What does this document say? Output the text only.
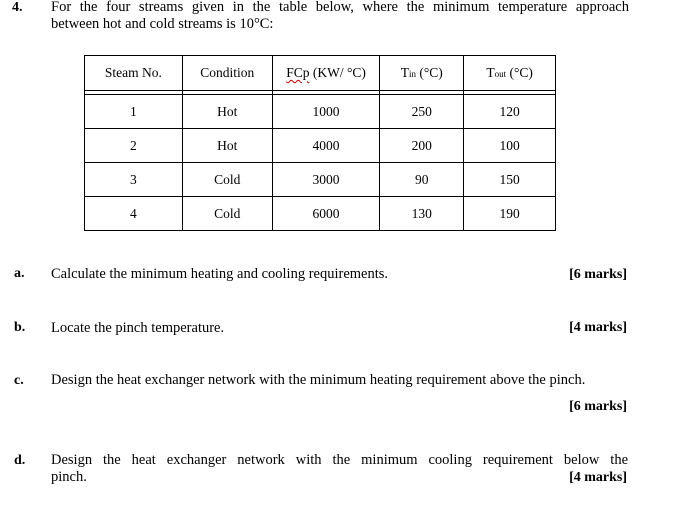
4. For the four streams given in the table below, where the minimum temperature approach
between hot and cold streams is 10°C:
Steam No.	Condition	FCp (KW/ °C)	Tin (°C)	Tout (°C)

1	Hot	1000	250	120
2	Hot	4000	200	100
3	Cold	3000	90	150
4	Cold	6000	130	190
a. Calculate the minimum heating and cooling requirements.	[6 marks]
b. Locate the pinch temperature.	[4 marks]
c. Design the heat exchanger network with the minimum heating requirement above the pinch.
[6 marks]
d. Design the heat exchanger network with the minimum cooling requirement below the
pinch.	[4 marks]
